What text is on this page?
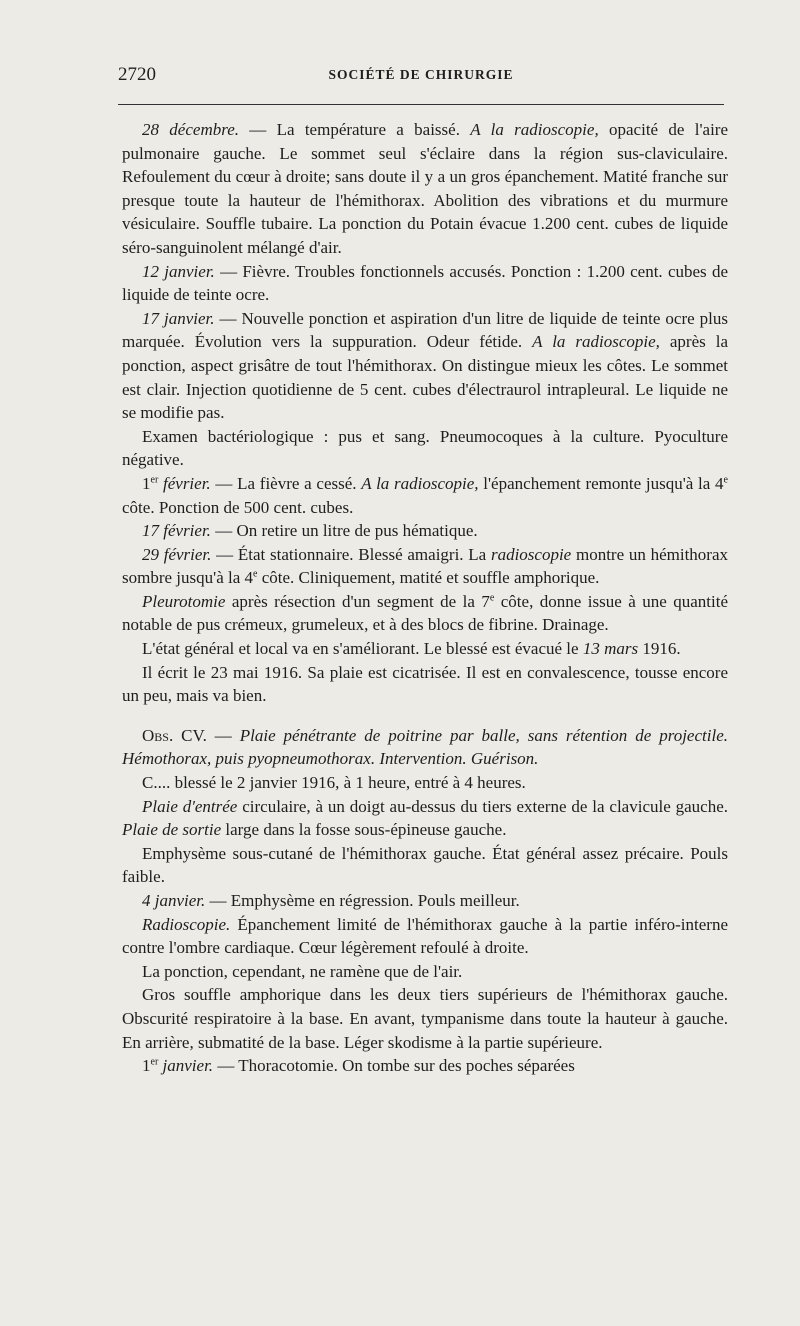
2720	SOCIÉTÉ DE CHIRURGIE

28 décembre. — La température a baissé. A la radioscopie, opacité de l'aire pulmonaire gauche. Le sommet seul s'éclaire dans la région sus-claviculaire. Refoulement du cœur à droite; sans doute il y a un gros épanchement. Matité franche sur presque toute la hauteur de l'hémithorax. Abolition des vibrations et du murmure vésiculaire. Souffle tubaire. La ponction du Potain évacue 1.200 cent. cubes de liquide séro-sanguinolent mélangé d'air.

12 janvier. — Fièvre. Troubles fonctionnels accusés. Ponction : 1.200 cent. cubes de liquide de teinte ocre.

17 janvier. — Nouvelle ponction et aspiration d'un litre de liquide de teinte ocre plus marquée. Évolution vers la suppuration. Odeur fétide. A la radioscopie, après la ponction, aspect grisâtre de tout l'hémithorax. On distingue mieux les côtes. Le sommet est clair. Injection quotidienne de 5 cent. cubes d'électraurol intrapleural. Le liquide ne se modifie pas.

Examen bactériologique : pus et sang. Pneumocoques à la culture. Pyoculture négative.

1er février. — La fièvre a cessé. A la radioscopie, l'épanchement remonte jusqu'à la 4e côte. Ponction de 500 cent. cubes.

17 février. — On retire un litre de pus hématique.

29 février. — État stationnaire. Blessé amaigri. La radioscopie montre un hémithorax sombre jusqu'à la 4e côte. Cliniquement, matité et souffle amphorique.

Pleurotomie après résection d'un segment de la 7e côte, donne issue à une quantité notable de pus crémeux, grumeleux, et à des blocs de fibrine. Drainage.

L'état général et local va en s'améliorant. Le blessé est évacué le 13 mars 1916.

Il écrit le 23 mai 1916. Sa plaie est cicatrisée. Il est en convalescence, tousse encore un peu, mais va bien.

Obs. CV. — Plaie pénétrante de poitrine par balle, sans rétention de projectile. Hémothorax, puis pyopneumothorax. Intervention. Guérison.

C.... blessé le 2 janvier 1916, à 1 heure, entré à 4 heures.

Plaie d'entrée circulaire, à un doigt au-dessus du tiers externe de la clavicule gauche. Plaie de sortie large dans la fosse sous-épineuse gauche.

Emphysème sous-cutané de l'hémithorax gauche. État général assez précaire. Pouls faible.

4 janvier. — Emphysème en régression. Pouls meilleur.

Radioscopie. Épanchement limité de l'hémithorax gauche à la partie inféro-interne contre l'ombre cardiaque. Cœur légèrement refoulé à droite.

La ponction, cependant, ne ramène que de l'air.

Gros souffle amphorique dans les deux tiers supérieurs de l'hémithorax gauche. Obscurité respiratoire à la base. En avant, tympanisme dans toute la hauteur à gauche. En arrière, submatité de la base. Léger skodisme à la partie supérieure.

1er janvier. — Thoracotomie. On tombe sur des poches séparées
